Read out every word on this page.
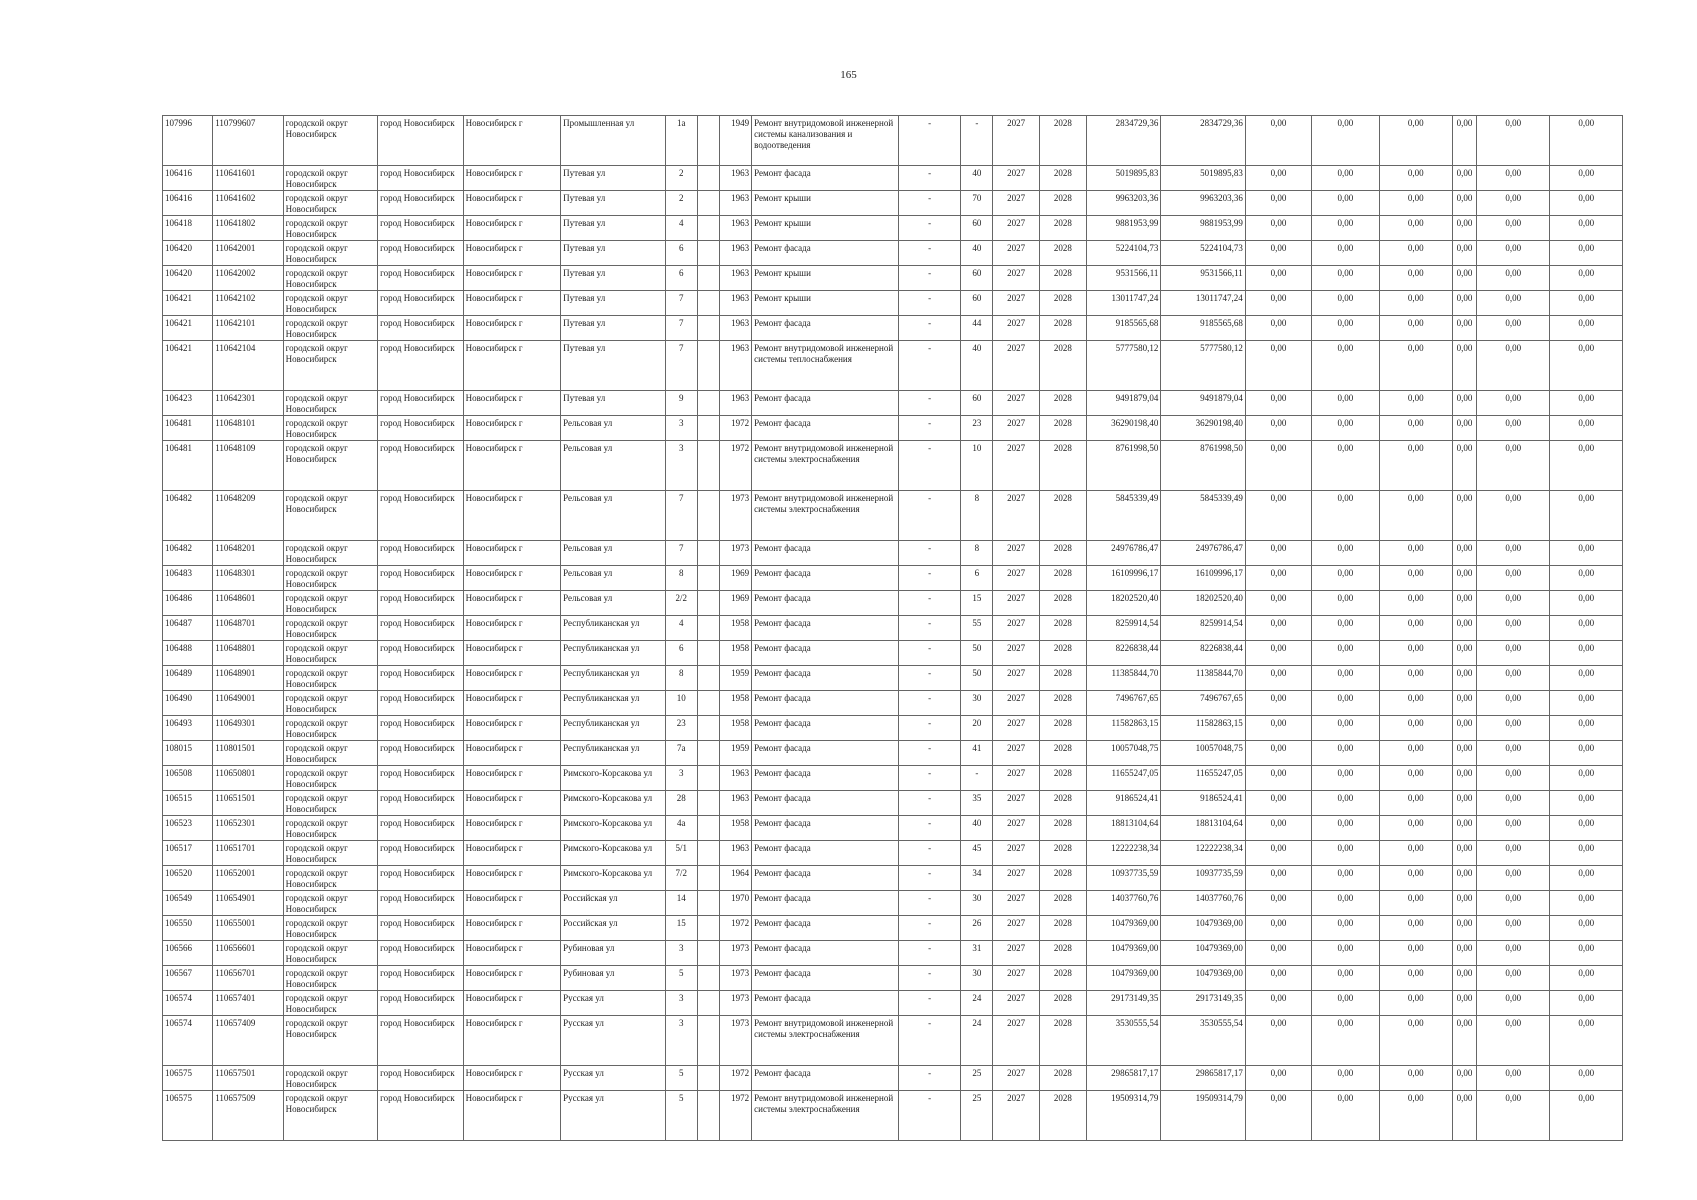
165
107996	110799607	городской округ Новосибирск	город Новосибирск	Новосибирск г	Промышленная ул	1а		1949	Ремонт внутридомовой инженерной системы канализования и водоотведения	-	-	2027	2028	2834729,36	2834729,36	0,00	0,00	0,00	0,00	0,00	0,00
106416	110641601	городской округ Новосибирск	город Новосибирск	Новосибирск г	Путевая ул	2		1963	Ремонт фасада	-	40	2027	2028	5019895,83	5019895,83	0,00	0,00	0,00	0,00	0,00	0,00
106416	110641602	городской округ Новосибирск	город Новосибирск	Новосибирск г	Путевая ул	2		1963	Ремонт крыши	-	70	2027	2028	9963203,36	9963203,36	0,00	0,00	0,00	0,00	0,00	0,00
106418	110641802	городской округ Новосибирск	город Новосибирск	Новосибирск г	Путевая ул	4		1963	Ремонт крыши	-	60	2027	2028	9881953,99	9881953,99	0,00	0,00	0,00	0,00	0,00	0,00
106420	110642001	городской округ Новосибирск	город Новосибирск	Новосибирск г	Путевая ул	6		1963	Ремонт фасада	-	40	2027	2028	5224104,73	5224104,73	0,00	0,00	0,00	0,00	0,00	0,00
106420	110642002	городской округ Новосибирск	город Новосибирск	Новосибирск г	Путевая ул	6		1963	Ремонт крыши	-	60	2027	2028	9531566,11	9531566,11	0,00	0,00	0,00	0,00	0,00	0,00
106421	110642102	городской округ Новосибирск	город Новосибирск	Новосибирск г	Путевая ул	7		1963	Ремонт крыши	-	60	2027	2028	13011747,24	13011747,24	0,00	0,00	0,00	0,00	0,00	0,00
106421	110642101	городской округ Новосибирск	город Новосибирск	Новосибирск г	Путевая ул	7		1963	Ремонт фасада	-	44	2027	2028	9185565,68	9185565,68	0,00	0,00	0,00	0,00	0,00	0,00
106421	110642104	городской округ Новосибирск	город Новосибирск	Новосибирск г	Путевая ул	7		1963	Ремонт внутридомовой инженерной системы теплоснабжения	-	40	2027	2028	5777580,12	5777580,12	0,00	0,00	0,00	0,00	0,00	0,00
106423	110642301	городской округ Новосибирск	город Новосибирск	Новосибирск г	Путевая ул	9		1963	Ремонт фасада	-	60	2027	2028	9491879,04	9491879,04	0,00	0,00	0,00	0,00	0,00	0,00
106481	110648101	городской округ Новосибирск	город Новосибирск	Новосибирск г	Рельсовая ул	3		1972	Ремонт фасада	-	23	2027	2028	36290198,40	36290198,40	0,00	0,00	0,00	0,00	0,00	0,00
106481	110648109	городской округ Новосибирск	город Новосибирск	Новосибирск г	Рельсовая ул	3		1972	Ремонт внутридомовой инженерной системы электроснабжения	-	10	2027	2028	8761998,50	8761998,50	0,00	0,00	0,00	0,00	0,00	0,00
106482	110648209	городской округ Новосибирск	город Новосибирск	Новосибирск г	Рельсовая ул	7		1973	Ремонт внутридомовой инженерной системы электроснабжения	-	8	2027	2028	5845339,49	5845339,49	0,00	0,00	0,00	0,00	0,00	0,00
106482	110648201	городской округ Новосибирск	город Новосибирск	Новосибирск г	Рельсовая ул	7		1973	Ремонт фасада	-	8	2027	2028	24976786,47	24976786,47	0,00	0,00	0,00	0,00	0,00	0,00
106483	110648301	городской округ Новосибирск	город Новосибирск	Новосибирск г	Рельсовая ул	8		1969	Ремонт фасада	-	6	2027	2028	16109996,17	16109996,17	0,00	0,00	0,00	0,00	0,00	0,00
106486	110648601	городской округ Новосибирск	город Новосибирск	Новосибирск г	Рельсовая ул	2/2		1969	Ремонт фасада	-	15	2027	2028	18202520,40	18202520,40	0,00	0,00	0,00	0,00	0,00	0,00
106487	110648701	городской округ Новосибирск	город Новосибирск	Новосибирск г	Республиканская ул	4		1958	Ремонт фасада	-	55	2027	2028	8259914,54	8259914,54	0,00	0,00	0,00	0,00	0,00	0,00
106488	110648801	городской округ Новосибирск	город Новосибирск	Новосибирск г	Республиканская ул	6		1958	Ремонт фасада	-	50	2027	2028	8226838,44	8226838,44	0,00	0,00	0,00	0,00	0,00	0,00
106489	110648901	городской округ Новосибирск	город Новосибирск	Новосибирск г	Республиканская ул	8		1959	Ремонт фасада	-	50	2027	2028	11385844,70	11385844,70	0,00	0,00	0,00	0,00	0,00	0,00
106490	110649001	городской округ Новосибирск	город Новосибирск	Новосибирск г	Республиканская ул	10		1958	Ремонт фасада	-	30	2027	2028	7496767,65	7496767,65	0,00	0,00	0,00	0,00	0,00	0,00
106493	110649301	городской округ Новосибирск	город Новосибирск	Новосибирск г	Республиканская ул	23		1958	Ремонт фасада	-	20	2027	2028	11582863,15	11582863,15	0,00	0,00	0,00	0,00	0,00	0,00
108015	110801501	городской округ Новосибирск	город Новосибирск	Новосибирск г	Республиканская ул	7а		1959	Ремонт фасада	-	41	2027	2028	10057048,75	10057048,75	0,00	0,00	0,00	0,00	0,00	0,00
106508	110650801	городской округ Новосибирск	город Новосибирск	Новосибирск г	Римского-Корсакова ул	3		1963	Ремонт фасада	-	-	2027	2028	11655247,05	11655247,05	0,00	0,00	0,00	0,00	0,00	0,00
106515	110651501	городской округ Новосибирск	город Новосибирск	Новосибирск г	Римского-Корсакова ул	28		1963	Ремонт фасада	-	35	2027	2028	9186524,41	9186524,41	0,00	0,00	0,00	0,00	0,00	0,00
106523	110652301	городской округ Новосибирск	город Новосибирск	Новосибирск г	Римского-Корсакова ул	4а		1958	Ремонт фасада	-	40	2027	2028	18813104,64	18813104,64	0,00	0,00	0,00	0,00	0,00	0,00
106517	110651701	городской округ Новосибирск	город Новосибирск	Новосибирск г	Римского-Корсакова ул	5/1		1963	Ремонт фасада	-	45	2027	2028	12222238,34	12222238,34	0,00	0,00	0,00	0,00	0,00	0,00
106520	110652001	городской округ Новосибирск	город Новосибирск	Новосибирск г	Римского-Корсакова ул	7/2		1964	Ремонт фасада	-	34	2027	2028	10937735,59	10937735,59	0,00	0,00	0,00	0,00	0,00	0,00
106549	110654901	городской округ Новосибирск	город Новосибирск	Новосибирск г	Российская ул	14		1970	Ремонт фасада	-	30	2027	2028	14037760,76	14037760,76	0,00	0,00	0,00	0,00	0,00	0,00
106550	110655001	городской округ Новосибирск	город Новосибирск	Новосибирск г	Российская ул	15		1972	Ремонт фасада	-	26	2027	2028	10479369,00	10479369,00	0,00	0,00	0,00	0,00	0,00	0,00
106566	110656601	городской округ Новосибирск	город Новосибирск	Новосибирск г	Рубиновая ул	3		1973	Ремонт фасада	-	31	2027	2028	10479369,00	10479369,00	0,00	0,00	0,00	0,00	0,00	0,00
106567	110656701	городской округ Новосибирск	город Новосибирск	Новосибирск г	Рубиновая ул	5		1973	Ремонт фасада	-	30	2027	2028	10479369,00	10479369,00	0,00	0,00	0,00	0,00	0,00	0,00
106574	110657401	городской округ Новосибирск	город Новосибирск	Новосибирск г	Русская ул	3		1973	Ремонт фасада	-	24	2027	2028	29173149,35	29173149,35	0,00	0,00	0,00	0,00	0,00	0,00
106574	110657409	городской округ Новосибирск	город Новосибирск	Новосибирск г	Русская ул	3		1973	Ремонт внутридомовой инженерной системы электроснабжения	-	24	2027	2028	3530555,54	3530555,54	0,00	0,00	0,00	0,00	0,00	0,00
106575	110657501	городской округ Новосибирск	город Новосибирск	Новосибирск г	Русская ул	5		1972	Ремонт фасада	-	25	2027	2028	29865817,17	29865817,17	0,00	0,00	0,00	0,00	0,00	0,00
106575	110657509	городской округ Новосибирск	город Новосибирск	Новосибирск г	Русская ул	5		1972	Ремонт внутридомовой инженерной системы электроснабжения	-	25	2027	2028	19509314,79	19509314,79	0,00	0,00	0,00	0,00	0,00	0,00
